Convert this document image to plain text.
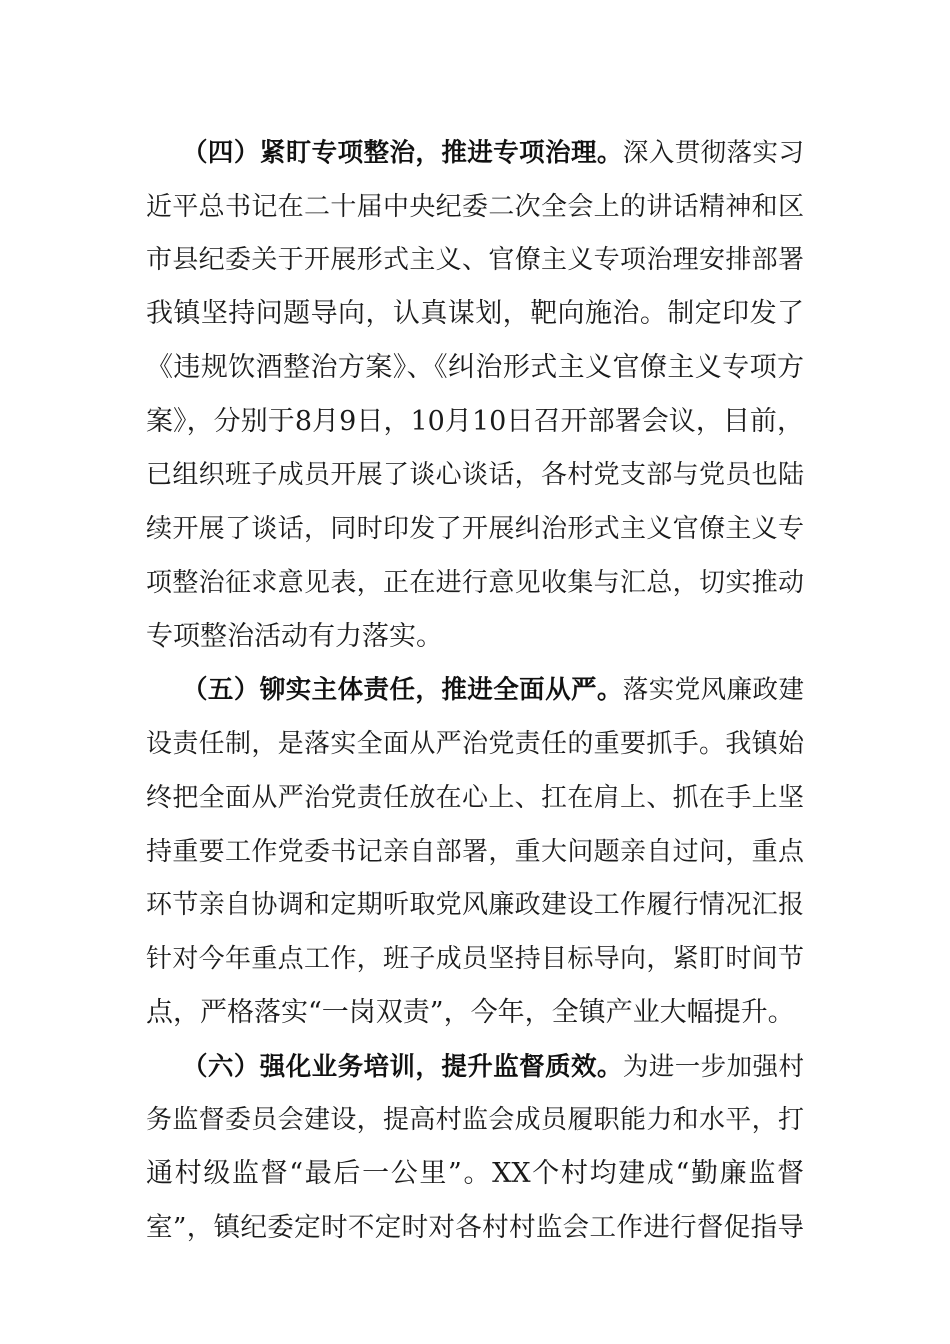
（四）紧盯专项整治，推进专项治理。深入贯彻落实习
近平总书记在二十届中央纪委二次全会上的讲话精神和区
市县纪委关于开展形式主义、官僚主义专项治理安排部署
我镇坚持问题导向，认真谋划，靶向施治。制定印发了
《违规饮酒整治方案》、《纠治形式主义官僚主义专项方
案》，分别于8月9日，10月10日召开部署会议，目前，
已组织班子成员开展了谈心谈话，各村党支部与党员也陆
续开展了谈话，同时印发了开展纠治形式主义官僚主义专
项整治征求意见表，正在进行意见收集与汇总，切实推动
专项整治活动有力落实。
（五）铆实主体责任，推进全面从严。落实党风廉政建
设责任制，是落实全面从严治党责任的重要抓手。我镇始
终把全面从严治党责任放在心上、扛在肩上、抓在手上坚
持重要工作党委书记亲自部署，重大问题亲自过问，重点
环节亲自协调和定期听取党风廉政建设工作履行情况汇报
针对今年重点工作，班子成员坚持目标导向，紧盯时间节
点，严格落实“一岗双责”，今年，全镇产业大幅提升。
（六）强化业务培训，提升监督质效。为进一步加强村
务监督委员会建设，提高村监会成员履职能力和水平，打
通村级监督“最后一公里”。XX个村均建成“勤廉监督
室”，镇纪委定时不定时对各村村监会工作进行督促指导
